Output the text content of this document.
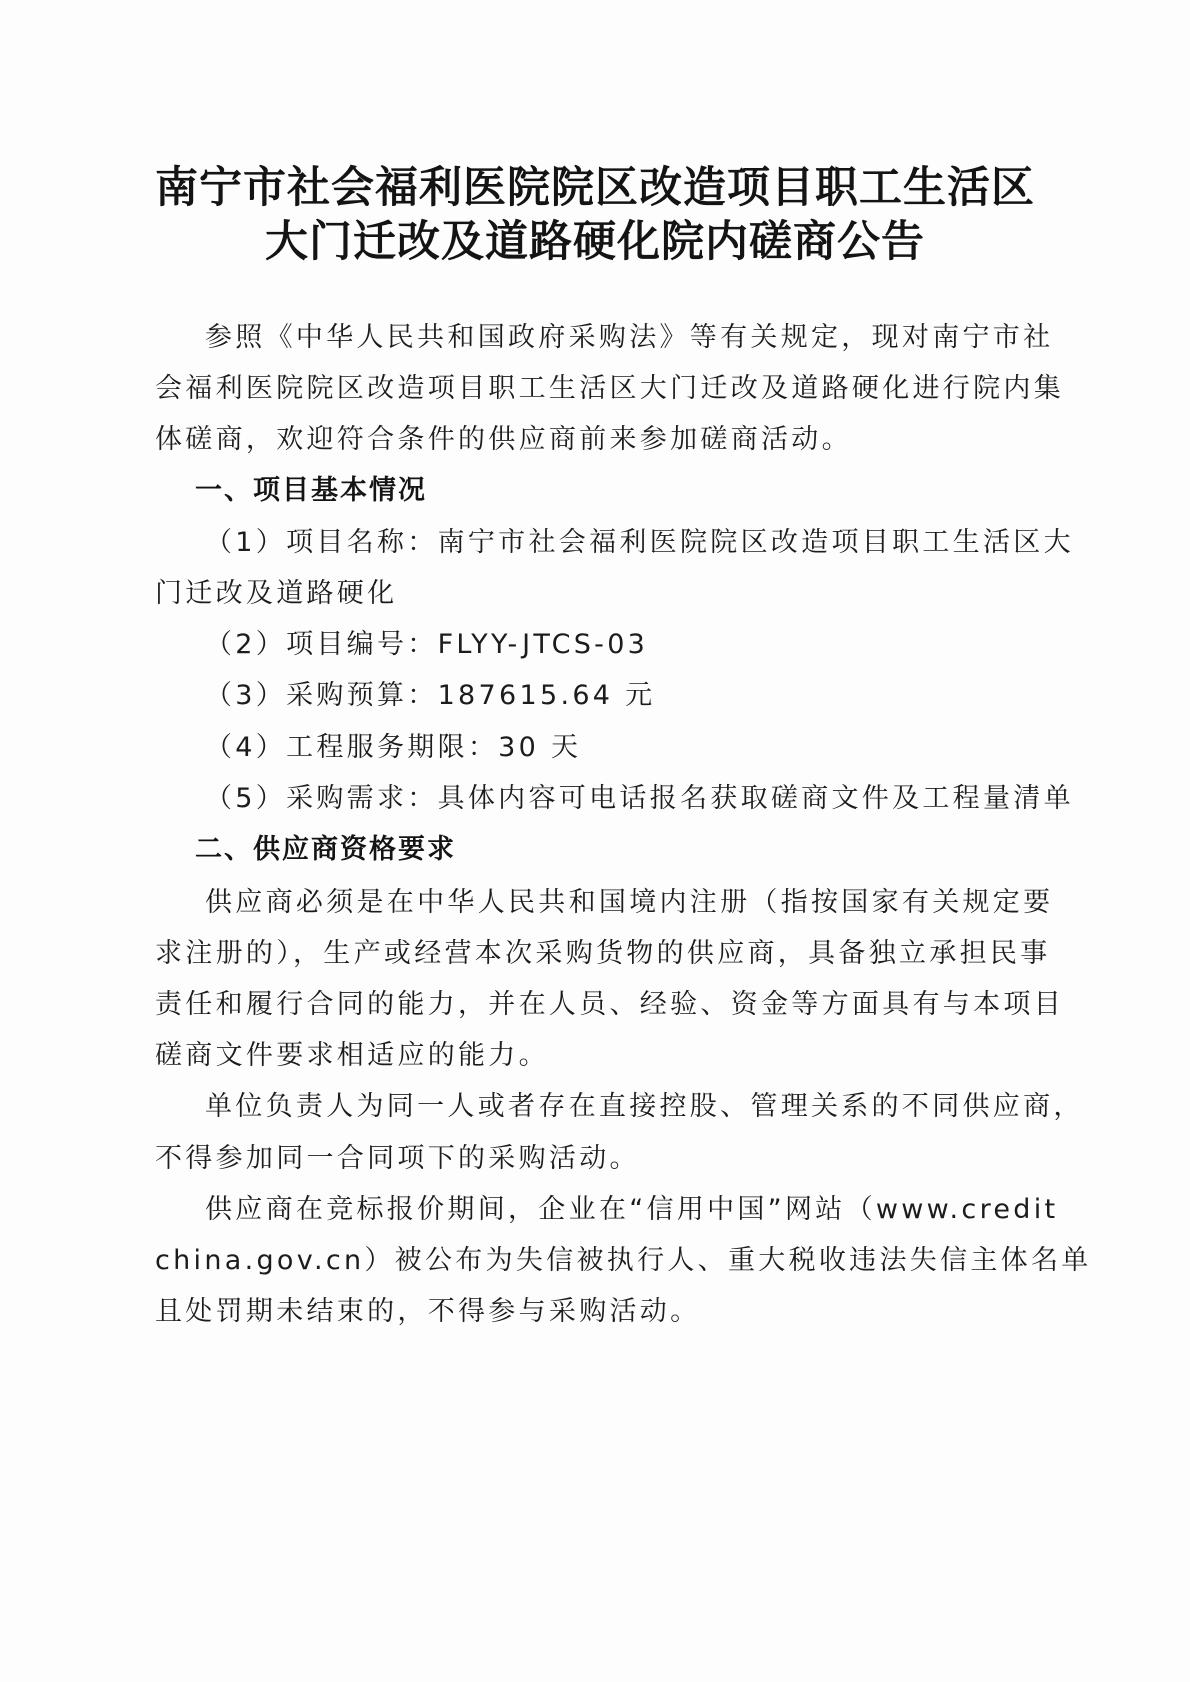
南宁市社会福利医院院区改造项目职工生活区
大门迁改及道路硬化院内磋商公告
参照《中华人民共和国政府采购法》等有关规定，现对南宁市社
会福利医院院区改造项目职工生活区大门迁改及道路硬化进行院内集
体磋商，欢迎符合条件的供应商前来参加磋商活动。
一、项目基本情况
（1）项目名称：南宁市社会福利医院院区改造项目职工生活区大
门迁改及道路硬化
（2）项目编号：FLYY-JTCS-03
（3）采购预算：187615.64 元
（4）工程服务期限：30 天
（5）采购需求：具体内容可电话报名获取磋商文件及工程量清单
二、供应商资格要求
供应商必须是在中华人民共和国境内注册（指按国家有关规定要
求注册的），生产或经营本次采购货物的供应商，具备独立承担民事
责任和履行合同的能力，并在人员、经验、资金等方面具有与本项目
磋商文件要求相适应的能力。
单位负责人为同一人或者存在直接控股、管理关系的不同供应商，
不得参加同一合同项下的采购活动。
供应商在竞标报价期间，企业在“信用中国”网站（www.credit
china.gov.cn）被公布为失信被执行人、重大税收违法失信主体名单
且处罚期未结束的，不得参与采购活动。
